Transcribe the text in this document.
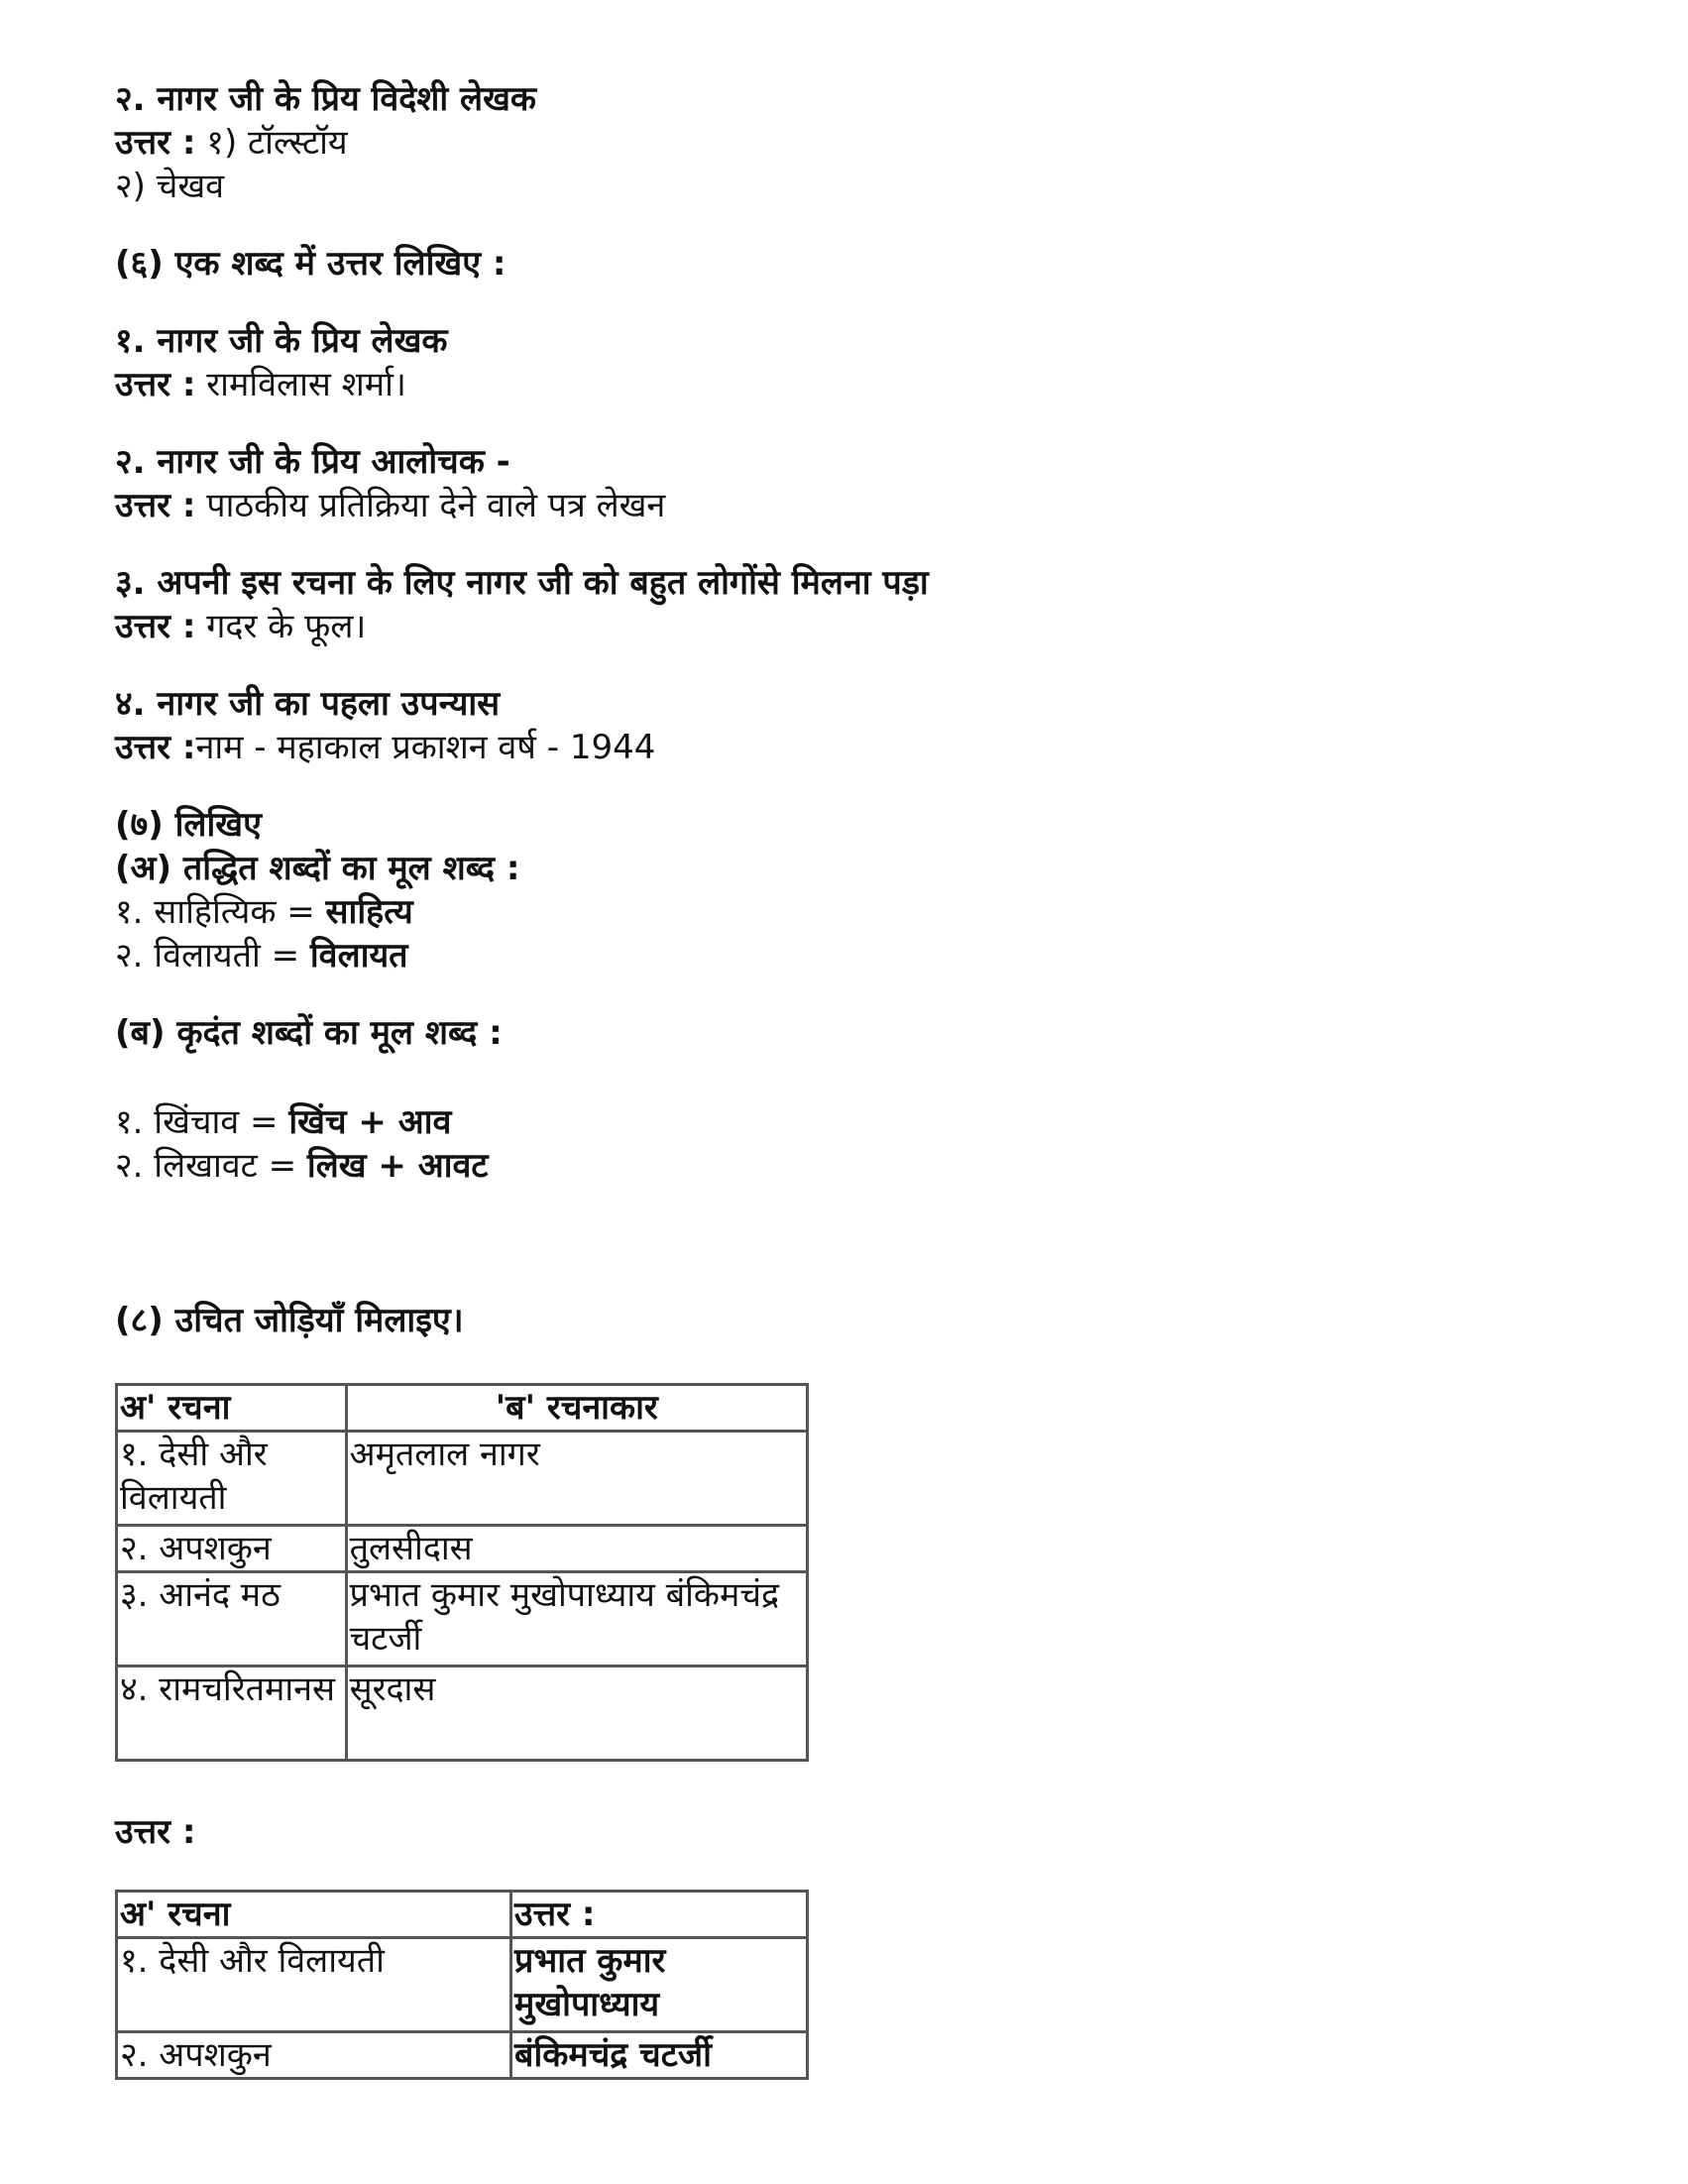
२. नागर जी के प्रिय विदेशी लेखक
उत्तर : १) टॉल्स्टॉय
२) चेखव
(६) एक शब्द में उत्तर लिखिए :
१. नागर जी के प्रिय लेखक
उत्तर : रामविलास शर्मा।
२. नागर जी के प्रिय आलोचक -
उत्तर : पाठकीय प्रतिक्रिया देने वाले पत्र लेखन
३. अपनी इस रचना के लिए नागर जी को बहुत लोगोंसे मिलना पड़ा
उत्तर : गदर के फूल।
४. नागर जी का पहला उपन्यास
उत्तर :नाम - महाकाल प्रकाशन वर्ष - 1944
(७) लिखिए
(अ) तद्धित शब्दों का मूल शब्द :
१. साहित्यिक = साहित्य
२. विलायती = विलायत
(ब) कृदंत शब्दों का मूल शब्द :
१. खिंचाव = खिंच + आव
२. लिखावट = लिख + आवट
(८) उचित जोड़ियाँ मिलाइए।
अ' रचना	'ब' रचनाकार
१. देसी और विलायती	अमृतलाल नागर
२. अपशकुन	तुलसीदास
३. आनंद मठ	प्रभात कुमार मुखोपाध्याय बंकिमचंद्र चटर्जी
४. रामचरितमानस	सूरदास
उत्तर :
अ' रचना	उत्तर :
१. देसी और विलायती	प्रभात कुमार मुखोपाध्याय
२. अपशकुन	बंकिमचंद्र चटर्जी
